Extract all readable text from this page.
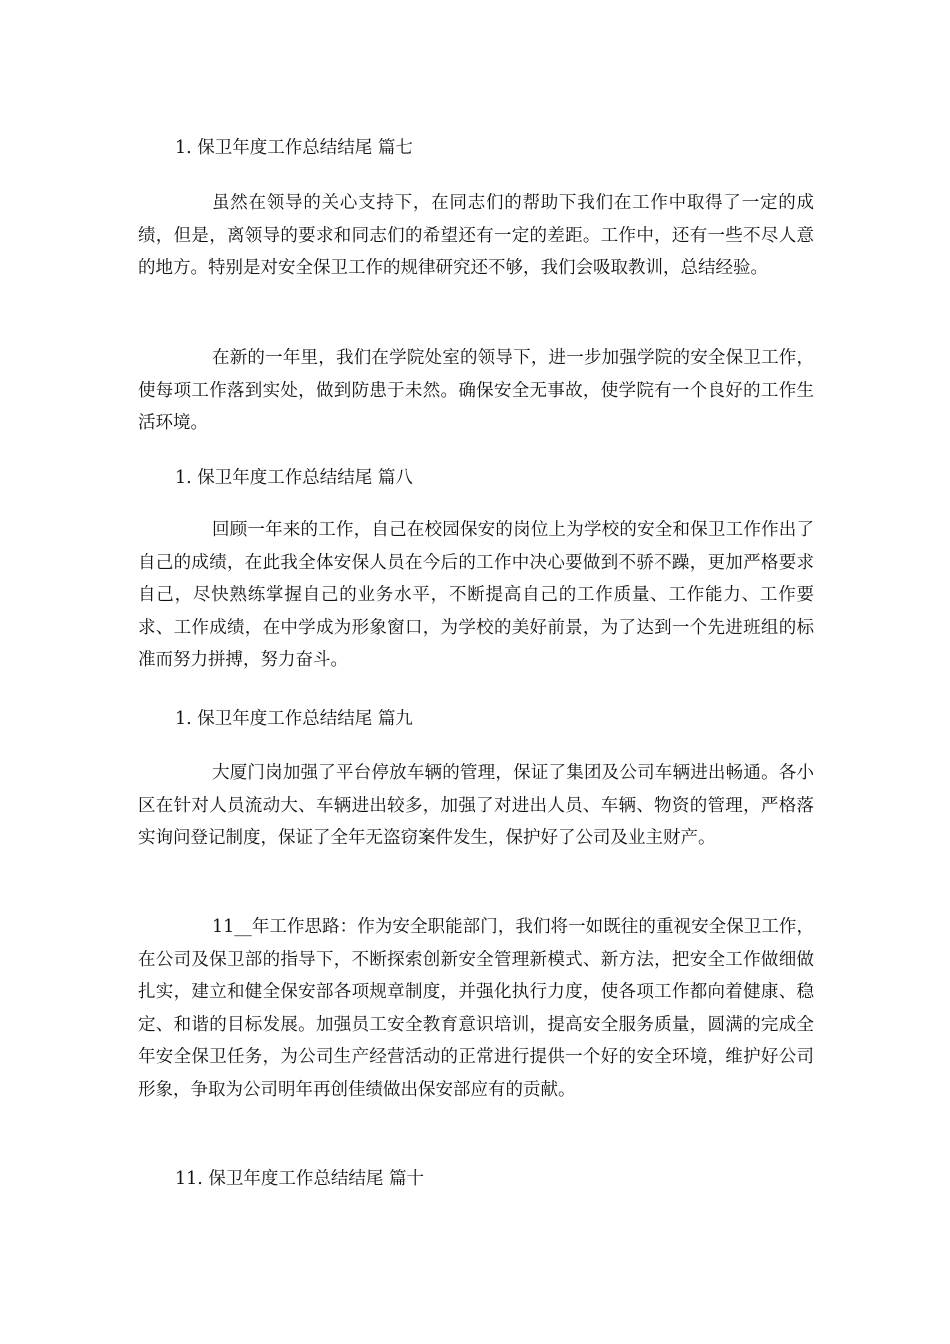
1. 保卫年度工作总结结尾 篇七

虽然在领导的关心支持下，在同志们的帮助下我们在工作中取得了一定的成绩，但是，离领导的要求和同志们的希望还有一定的差距。工作中，还有一些不尽人意的地方。特别是对安全保卫工作的规律研究还不够，我们会吸取教训，总结经验。

在新的一年里，我们在学院处室的领导下，进一步加强学院的安全保卫工作，使每项工作落到实处，做到防患于未然。确保安全无事故，使学院有一个良好的工作生活环境。

1. 保卫年度工作总结结尾 篇八

回顾一年来的工作，自己在校园保安的岗位上为学校的安全和保卫工作作出了自己的成绩，在此我全体安保人员在今后的工作中决心要做到不骄不躁，更加严格要求自己，尽快熟练掌握自己的业务水平，不断提高自己的工作质量、工作能力、工作要求、工作成绩，在中学成为形象窗口，为学校的美好前景，为了达到一个先进班组的标准而努力拼搏，努力奋斗。

1. 保卫年度工作总结结尾 篇九

大厦门岗加强了平台停放车辆的管理，保证了集团及公司车辆进出畅通。各小区在针对人员流动大、车辆进出较多，加强了对进出人员、车辆、物资的管理，严格落实询问登记制度，保证了全年无盗窃案件发生，保护好了公司及业主财产。

11__年工作思路：作为安全职能部门，我们将一如既往的重视安全保卫工作，在公司及保卫部的指导下，不断探索创新安全管理新模式、新方法，把安全工作做细做扎实，建立和健全保安部各项规章制度，并强化执行力度，使各项工作都向着健康、稳定、和谐的目标发展。加强员工安全教育意识培训，提高安全服务质量，圆满的完成全年安全保卫任务，为公司生产经营活动的正常进行提供一个好的安全环境，维护好公司形象，争取为公司明年再创佳绩做出保安部应有的贡献。

11. 保卫年度工作总结结尾 篇十
